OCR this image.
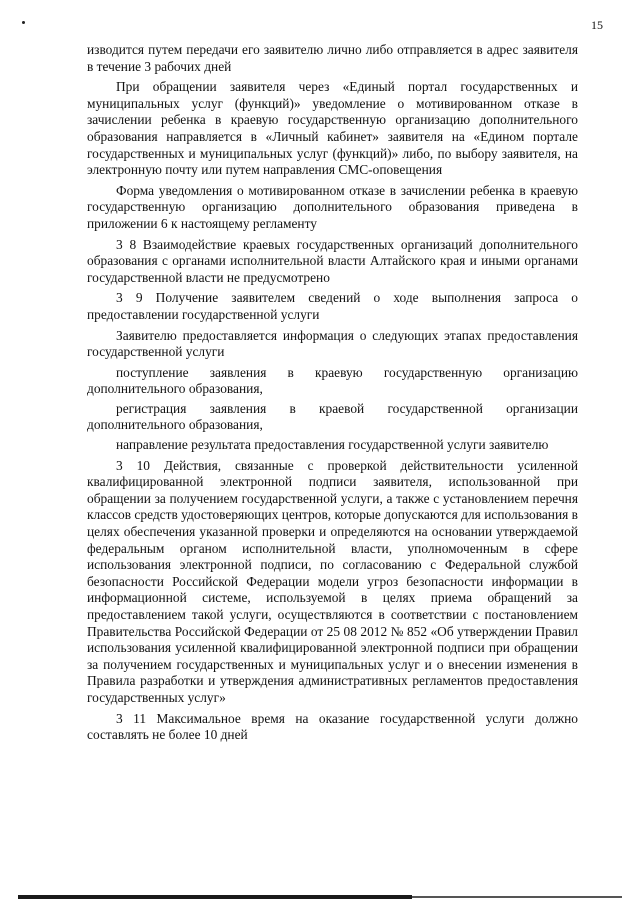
15

изводится путем передачи его заявителю лично либо отправляется в адрес заявителя в течение 3 рабочих дней

При обращении заявителя через «Единый портал государственных и муниципальных услуг (функций)» уведомление о мотивированном отказе в зачислении ребенка в краевую государственную организацию дополнительного образования направляется в «Личный кабинет» заявителя на «Едином портале государственных и муниципальных услуг (функций)» либо, по выбору заявителя, на электронную почту или путем направления СМС-оповещения

Форма уведомления о мотивированном отказе в зачислении ребенка в краевую государственную организацию дополнительного образования приведена в приложении 6 к настоящему регламенту

3 8 Взаимодействие краевых государственных организаций дополнительного образования с органами исполнительной власти Алтайского края и иными органами государственной власти не предусмотрено

3 9 Получение заявителем сведений о ходе выполнения запроса о предоставлении государственной услуги

Заявителю предоставляется информация о следующих этапах предоставления государственной услуги

поступление заявления в краевую государственную организацию дополнительного образования,

регистрация заявления в краевой государственной организации дополнительного образования,

направление результата предоставления государственной услуги заявителю

3 10 Действия, связанные с проверкой действительности усиленной квалифицированной электронной подписи заявителя, использованной при обращении за получением государственной услуги, а также с установлением перечня классов средств удостоверяющих центров, которые допускаются для использования в целях обеспечения указанной проверки и определяются на основании утверждаемой федеральным органом исполнительной власти, уполномоченным в сфере использования электронной подписи, по согласованию с Федеральной службой безопасности Российской Федерации модели угроз безопасности информации в информационной системе, используемой в целях приема обращений за предоставлением такой услуги, осуществляются в соответствии с постановлением Правительства Российской Федерации от 25 08 2012 № 852 «Об утверждении Правил использования усиленной квалифицированной электронной подписи при обращении за получением государственных и муниципальных услуг и о внесении изменения в Правила разработки и утверждения административных регламентов предоставления государственных услуг»

3 11 Максимальное время на оказание государственной услуги должно составлять не более 10 дней
